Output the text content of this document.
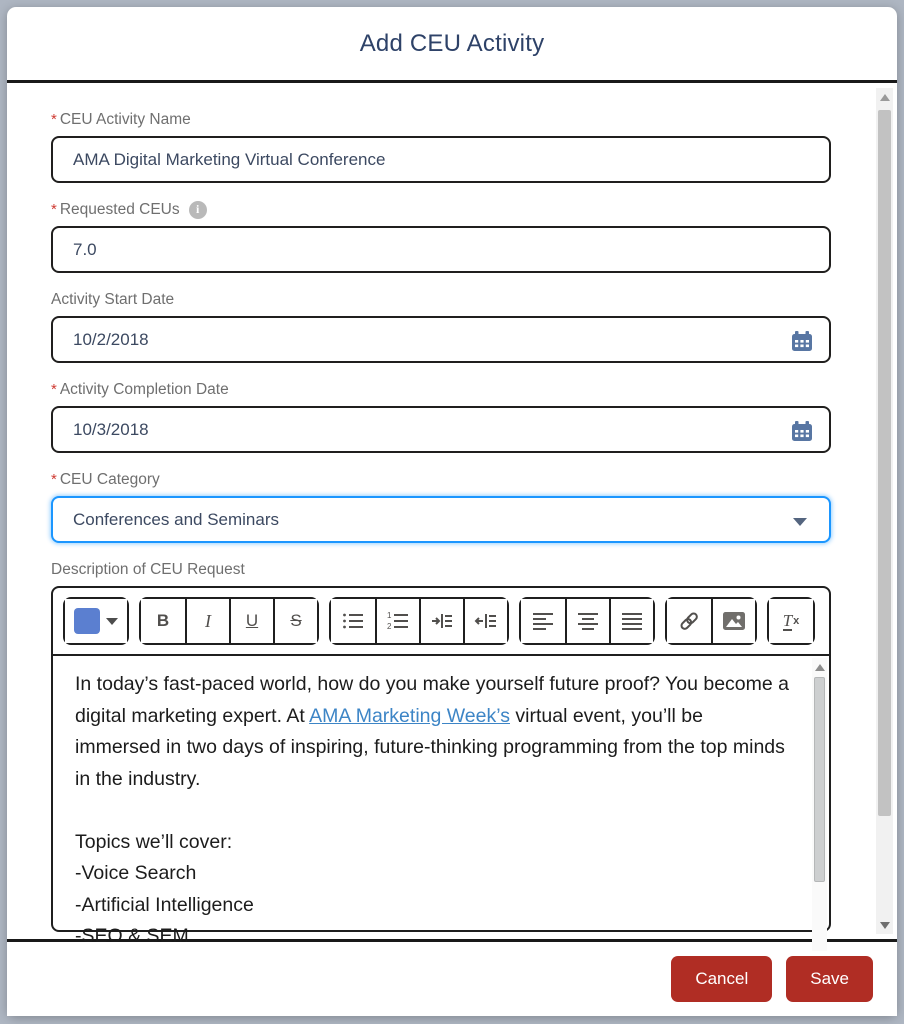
Add CEU Activity
* CEU Activity Name
AMA Digital Marketing Virtual Conference
* Requested CEUs	i
7.0
Activity Start Date
10/2/2018
* Activity Completion Date
10/3/2018
* CEU Category
Conferences and Seminars
Description of CEU Request
B	I	U	S	1
2	T x
In today’s fast-paced world, how do you make yourself future proof? You become a digital marketing expert. At AMA Marketing Week’s virtual event, you’ll be immersed in two days of inspiring, future-thinking programming from the top minds in the industry.
Topics we’ll cover:
-Voice Search
-Artificial Intelligence
-SEO & SEM
Cancel	Save
